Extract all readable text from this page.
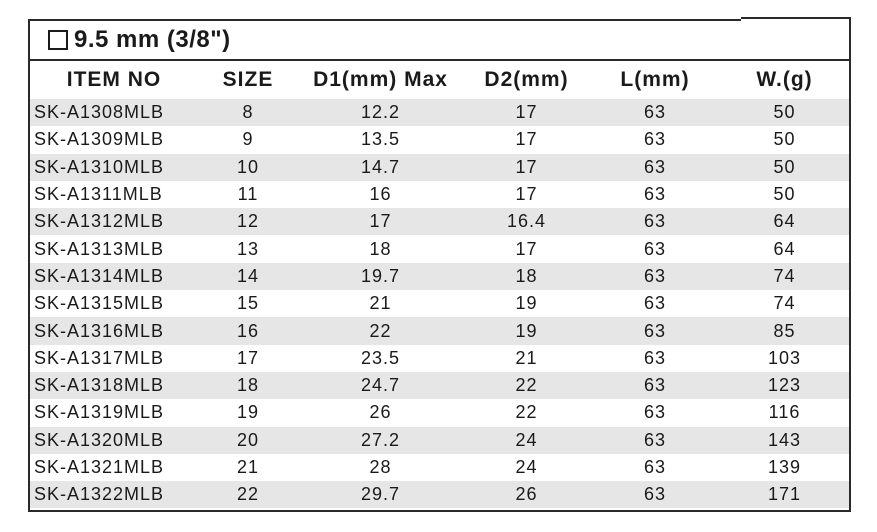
9.5 mm (3/8")
ITEM NO	SIZE	D1(mm) Max	D2(mm)	L(mm)	W.(g)
SK-A1308MLB	8	12.2	17	63	50
SK-A1309MLB	9	13.5	17	63	50
SK-A1310MLB	10	14.7	17	63	50
SK-A1311MLB	11	16	17	63	50
SK-A1312MLB	12	17	16.4	63	64
SK-A1313MLB	13	18	17	63	64
SK-A1314MLB	14	19.7	18	63	74
SK-A1315MLB	15	21	19	63	74
SK-A1316MLB	16	22	19	63	85
SK-A1317MLB	17	23.5	21	63	103
SK-A1318MLB	18	24.7	22	63	123
SK-A1319MLB	19	26	22	63	116
SK-A1320MLB	20	27.2	24	63	143
SK-A1321MLB	21	28	24	63	139
SK-A1322MLB	22	29.7	26	63	171
